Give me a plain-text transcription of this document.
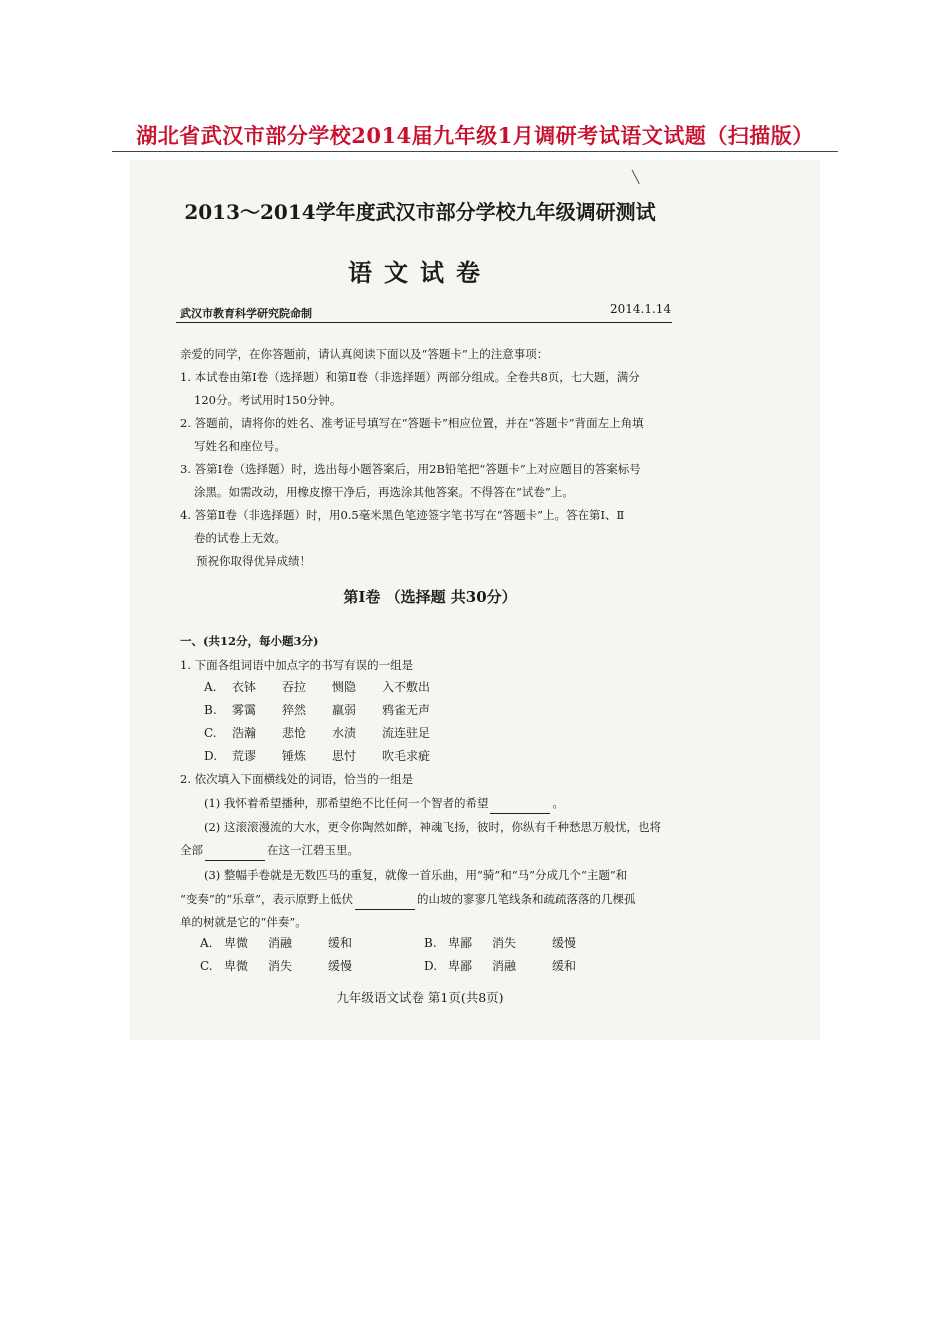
湖北省武汉市部分学校2014届九年级1月调研考试语文试题（扫描版）
╲
2013～2014学年度武汉市部分学校九年级调研测试
语文试卷
武汉市教育科学研究院命制	2014.1.14
亲爱的同学，在你答题前，请认真阅读下面以及“答题卡”上的注意事项：
1. 本试卷由第Ⅰ卷（选择题）和第Ⅱ卷（非选择题）两部分组成。全卷共8页，七大题，满分
120分。考试用时150分钟。
2. 答题前，请将你的姓名、准考证号填写在“答题卡”相应位置，并在“答题卡”背面左上角填
写姓名和座位号。
3. 答第Ⅰ卷（选择题）时，选出每小题答案后，用2B铅笔把“答题卡”上对应题目的答案标号
涂黑。如需改动，用橡皮擦干净后，再选涂其他答案。不得答在“试卷”上。
4. 答第Ⅱ卷（非选择题）时，用0.5毫米黑色笔迹签字笔书写在“答题卡”上。答在第Ⅰ、Ⅱ
卷的试卷上无效。
预祝你取得优异成绩！
第Ⅰ卷 （选择题 共30分）
一、(共12分，每小题3分)
1. 下面各组词语中加点字的书写有误的一组是
A. 衣钵 吞拉 恻隐 入不敷出
B. 雾霭 猝然 羸弱 鸦雀无声
C. 浩瀚 悲怆 水渍 流连驻足
D. 荒谬 锤炼 思忖 吹毛求疵
2. 依次填入下面横线处的词语，恰当的一组是
(1) 我怀着希望播种，那希望绝不比任何一个智者的希望	。
(2) 这滚滚漫流的大水，更令你陶然如醉，神魂飞扬，彼时，你纵有千种愁思万般忧，也将
全部	在这一江碧玉里。
(3) 整幅手卷就是无数匹马的重复，就像一首乐曲，用“骑”和“马”分成几个“主题”和
“变奏”的“乐章”，表示原野上低伏	的山坡的寥寥几笔线条和疏疏落落的几棵孤
单的树就是它的“伴奏”。
A. 卑微 消融	缓和	B. 卑鄙 消失	缓慢
C. 卑微 消失	缓慢	D. 卑鄙 消融	缓和
九年级语文试卷 第1页(共8页)
